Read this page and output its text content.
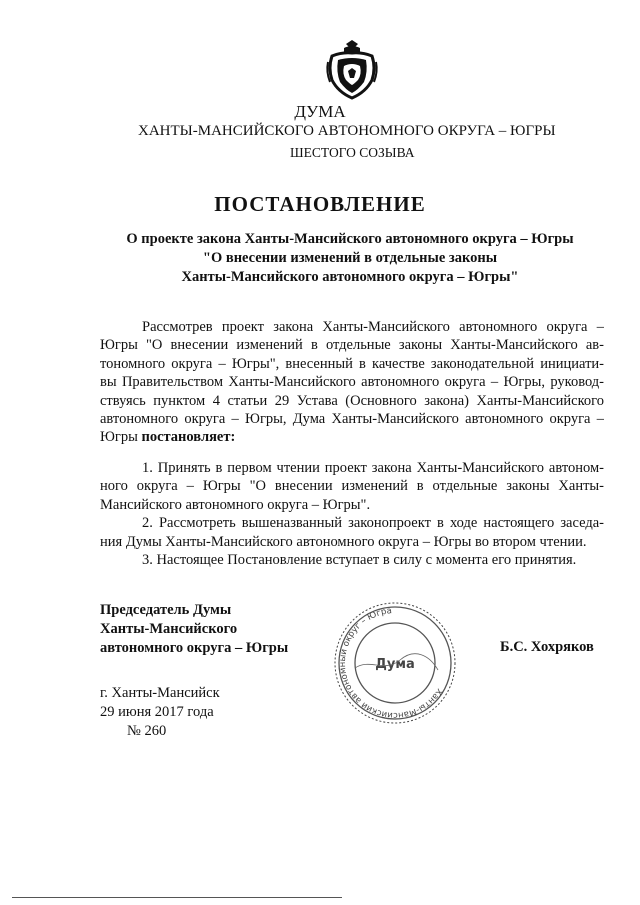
ДУМА
ХАНТЫ-МАНСИЙСКОГО АВТОНОМНОГО ОКРУГА – ЮГРЫ
ШЕСТОГО СОЗЫВА
ПОСТАНОВЛЕНИЕ
О проекте закона Ханты-Мансийского автономного округа – Югры
"О внесении изменений в отдельные законы
Ханты-Мансийского автономного округа – Югры"
Рассмотрев проект закона Ханты-Мансийского автономного округа –
Югры "О внесении изменений в отдельные законы Ханты-Мансийского ав-
тономного округа – Югры", внесенный в качестве законодательной инициати-
вы Правительством Ханты-Мансийского автономного округа – Югры, руковод-
ствуясь пунктом 4 статьи 29 Устава (Основного закона) Ханты-Мансийского
автономного округа – Югры, Дума Ханты-Мансийского автономного округа –
Югры постановляет:
1. Принять в первом чтении проект закона Ханты-Мансийского автоном-
ного округа – Югры "О внесении изменений в отдельные законы Ханты-
Мансийского автономного округа – Югры".
2. Рассмотреть вышеназванный законопроект в ходе настоящего заседа-
ния Думы Ханты-Мансийского автономного округа – Югры во втором чтении.
3. Настоящее Постановление вступает в силу с момента его принятия.
Председатель Думы
Ханты-Мансийского
автономного округа – Югры
Ханты-Мансийский автономный округ – Югра
Дума
Б.С. Хохряков
г. Ханты-Мансийск
29 июня 2017 года
№ 260
